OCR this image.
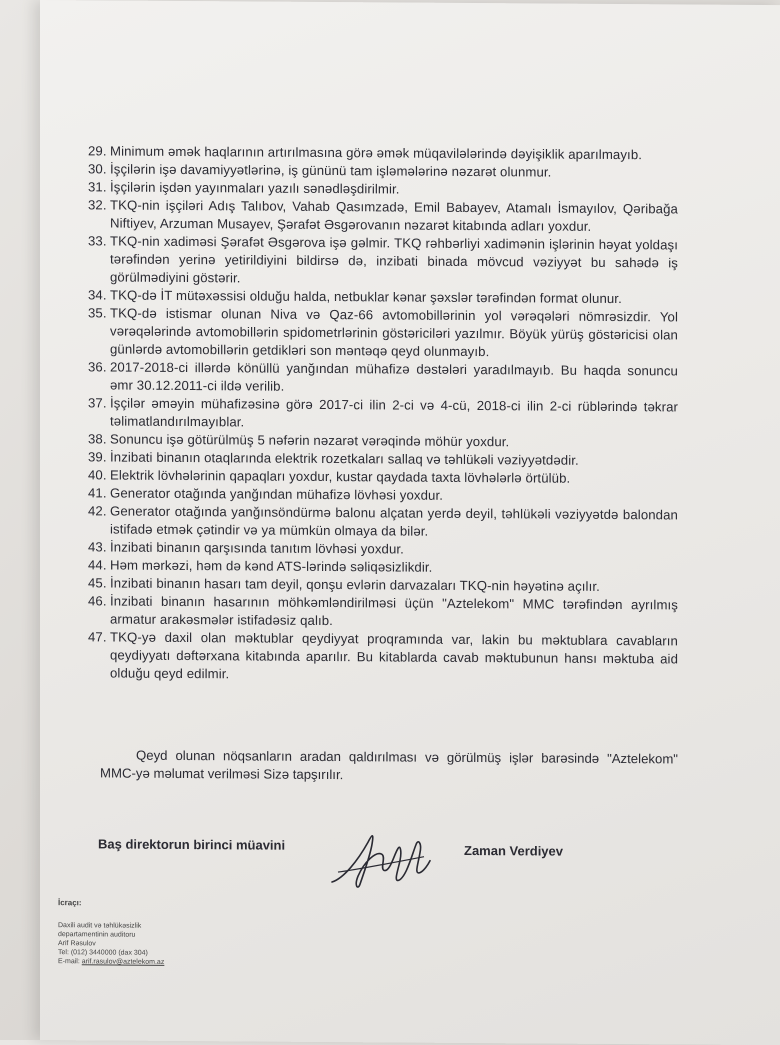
29. Minimum əmək haqlarının artırılmasına görə əmək müqavilələrində dəyişiklik aparılmayıb.
30. İşçilərin işə davamiyyətlərinə, iş gününü tam işləmələrinə nəzarət olunmur.
31. İşçilərin işdən yayınmaları yazılı sənədləşdirilmir.
32. TKQ-nin işçiləri Adış Talıbov, Vahab Qasımzadə, Emil Babayev, Atamalı İsmayılov, Qəribağa Niftiyev, Arzuman Musayev, Şərafət Əsgərovanın nəzarət kitabında adları yoxdur.
33. TKQ-nin xadiməsi Şərafət Əsgərova işə gəlmir. TKQ rəhbərliyi xadimənin işlərinin həyat yoldaşı tərəfindən yerinə yetirildiyini bildirsə də, inzibati binada mövcud vəziyyət bu sahədə iş görülmədiyini göstərir.
34. TKQ-də İT mütəxəssisi olduğu halda, netbuklar kənar şəxslər tərəfindən format olunur.
35. TKQ-də istismar olunan Niva və Qaz-66 avtomobillərinin yol vərəqələri nömrəsizdir. Yol vərəqələrində avtomobillərin spidometrlərinin göstəriciləri yazılmır. Böyük yürüş göstəricisi olan günlərdə avtomobillərin getdikləri son məntəqə qeyd olunmayıb.
36. 2017-2018-ci illərdə könüllü yanğından mühafizə dəstələri yaradılmayıb. Bu haqda sonuncu əmr 30.12.2011-ci ildə verilib.
37. İşçilər əməyin mühafizəsinə görə 2017-ci ilin 2-ci və 4-cü, 2018-ci ilin 2-ci rüblərində təkrar təlimatlandırılmayıblar.
38. Sonuncu işə götürülmüş 5 nəfərin nəzarət vərəqində möhür yoxdur.
39. İnzibati binanın otaqlarında elektrik rozetkaları sallaq və təhlükəli vəziyyətdədir.
40. Elektrik lövhələrinin qapaqları yoxdur, kustar qaydada taxta lövhələrlə örtülüb.
41. Generator otağında yanğından mühafizə lövhəsi yoxdur.
42. Generator otağında yanğınsöndürmə balonu alçatan yerdə deyil, təhlükəli vəziyyətdə balondan istifadə etmək çətindir və ya mümkün olmaya da bilər.
43. İnzibati binanın qarşısında tanıtım lövhəsi yoxdur.
44. Həm mərkəzi, həm də kənd ATS-lərində səliqəsizlikdir.
45. İnzibati binanın hasarı tam deyil, qonşu evlərin darvazaları TKQ-nin həyətinə açılır.
46. İnzibati binanın hasarının möhkəmləndirilməsi üçün "Aztelekom" MMC tərəfindən ayrılmış armatur arakəsmələr istifadəsiz qalıb.
47. TKQ-yə daxil olan məktublar qeydiyyat proqramında var, lakin bu məktublara cavabların qeydiyyatı dəftərxana kitabında aparılır. Bu kitablarda cavab məktubunun hansı məktuba aid olduğu qeyd edilmir.
Qeyd olunan nöqsanların aradan qaldırılması və görülmüş işlər barəsində "Aztelekom" MMC-yə məlumat verilməsi Sizə tapşırılır.
Baş direktorun birinci müavini	Zaman Verdiyev
İcraçı:
Daxili audit və təhlükəsizlik
departamentinin auditoru
Arif Rəsulov
Tel: (012) 3440000 (dax 304)
E-mail: arif.rasulov@aztelekom.az
